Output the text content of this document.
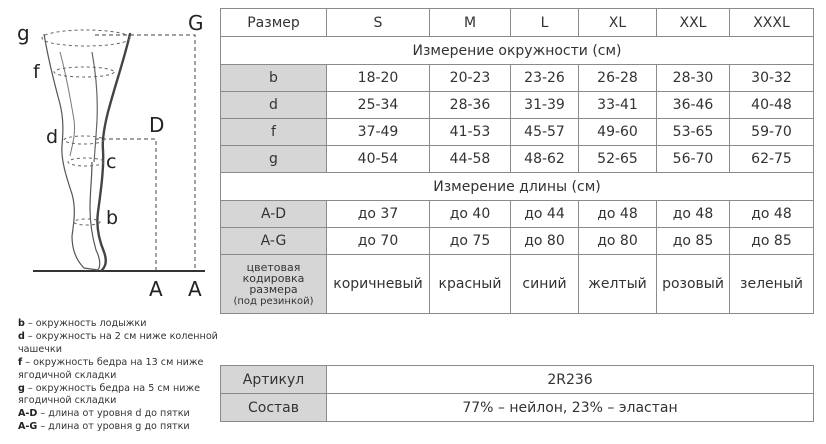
g	G
f
d	D
c
b
A A
b – окружность лодыжки
d – окружность на 2 см ниже коленной чашечки
f – окружность бедра на 13 см ниже ягодичной складки
g – окружность бедра на 5 см ниже ягодичной складки
A-D – длина от уровня d до пятки
A-G – длина от уровня g до пятки
Размер	S	M	L	XL	XXL	XXXL
Измерение окружности (см)						
b	18-20	20-23	23-26	26-28	28-30	30-32
d	25-34	28-36	31-39	33-41	36-46	40-48
f	37-49	41-53	45-57	49-60	53-65	59-70
g	40-54	44-58	48-62	52-65	56-70	62-75
Измерение длины (см)						
A-D	до 37	до 40	до 44	до 48	до 48	до 48
A-G	до 70	до 75	до 80	до 80	до 85	до 85
цветовая
кодировка
размера
(под резинкой)	коричневый	красный	синий	желтый	розовый	зеленый
Артикул	2R236
Состав	77% – нейлон, 23% – эластан
